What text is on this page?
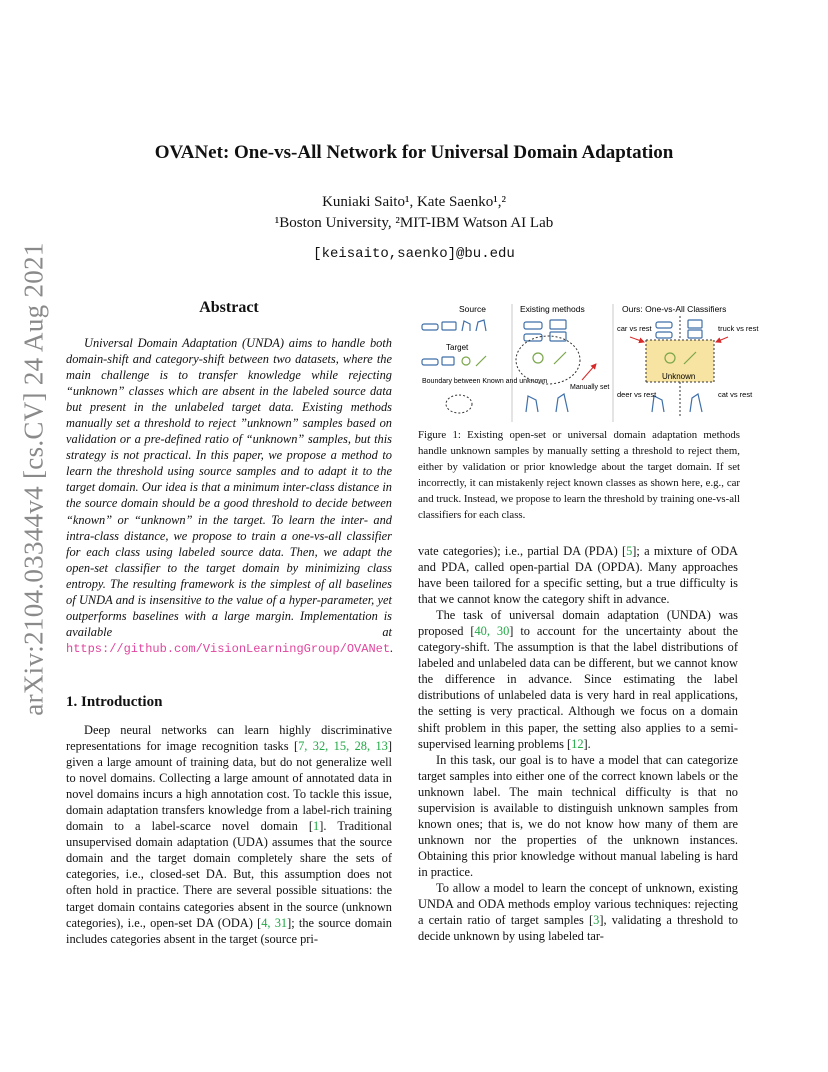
arXiv:2104.03344v4 [cs.CV] 24 Aug 2021
OVANet: One-vs-All Network for Universal Domain Adaptation
Kuniaki Saito¹, Kate Saenko¹,²
¹Boston University, ²MIT-IBM Watson AI Lab
[keisaito,saenko]@bu.edu
Abstract

Universal Domain Adaptation (UNDA) aims to handle both domain-shift and category-shift between two datasets, where the main challenge is to transfer knowledge while rejecting “unknown” classes which are absent in the labeled source data but present in the unlabeled target data. Existing methods manually set a threshold to reject ”unknown” samples based on validation or a pre-defined ratio of “unknown” samples, but this strategy is not practical. In this paper, we propose a method to learn the threshold using source samples and to adapt it to the target domain. Our idea is that a minimum inter-class distance in the source domain should be a good threshold to decide between “known” or “unknown” in the target. To learn the inter- and intra-class distance, we propose to train a one-vs-all classifier for each class using labeled source data. Then, we adapt the open-set classifier to the target domain by minimizing class entropy. The resulting framework is the simplest of all baselines of UNDA and is insensitive to the value of a hyper-parameter, yet outperforms baselines with a large margin. Implementation is available at https://github.com/VisionLearningGroup/OVANet.

1. Introduction

Deep neural networks can learn highly discriminative representations for image recognition tasks [7, 32, 15, 28, 13] given a large amount of training data, but do not generalize well to novel domains. Collecting a large amount of annotated data in novel domains incurs a high annotation cost. To tackle this issue, domain adaptation transfers knowledge from a label-rich training domain to a label-scarce novel domain [1]. Traditional unsupervised domain adaptation (UDA) assumes that the source domain and the target domain completely share the sets of categories, i.e., closed-set DA. But, this assumption does not often hold in practice. There are several possible situations: the target domain contains categories absent in the source (unknown categories), i.e., open-set DA (ODA) [4, 31]; the source domain includes categories absent in the target (source pri-

Source	Existing methods	Ours: One-vs-All Classifiers
Target
Boundary between Known and unknown
Manually set
Unknown
car vs rest	truck vs rest
deer vs rest	cat vs rest
Figure 1: Existing open-set or universal domain adaptation methods handle unknown samples by manually setting a threshold to reject them, either by validation or prior knowledge about the target domain. If set incorrectly, it can mistakenly reject known classes as shown here, e.g., car and truck. Instead, we propose to learn the threshold by training one-vs-all classifiers for each class.

vate categories); i.e., partial DA (PDA) [5]; a mixture of ODA and PDA, called open-partial DA (OPDA). Many approaches have been tailored for a specific setting, but a true difficulty is that we cannot know the category shift in advance.

The task of universal domain adaptation (UNDA) was proposed [40, 30] to account for the uncertainty about the category-shift. The assumption is that the label distributions of labeled and unlabeled data can be different, but we cannot know the difference in advance. Since estimating the label distributions of unlabeled data is very hard in real applications, the setting is very practical. Although we focus on a domain shift problem in this paper, the setting also applies to a semi-supervised learning problems [12].

In this task, our goal is to have a model that can categorize target samples into either one of the correct known labels or the unknown label. The main technical difficulty is that no supervision is available to distinguish unknown samples from known ones; that is, we do not know how many of them are unknown nor the properties of the unknown instances. Obtaining this prior knowledge without manual labeling is hard in practice.

To allow a model to learn the concept of unknown, existing UNDA and ODA methods employ various techniques: rejecting a certain ratio of target samples [3], validating a threshold to decide unknown by using labeled tar-
